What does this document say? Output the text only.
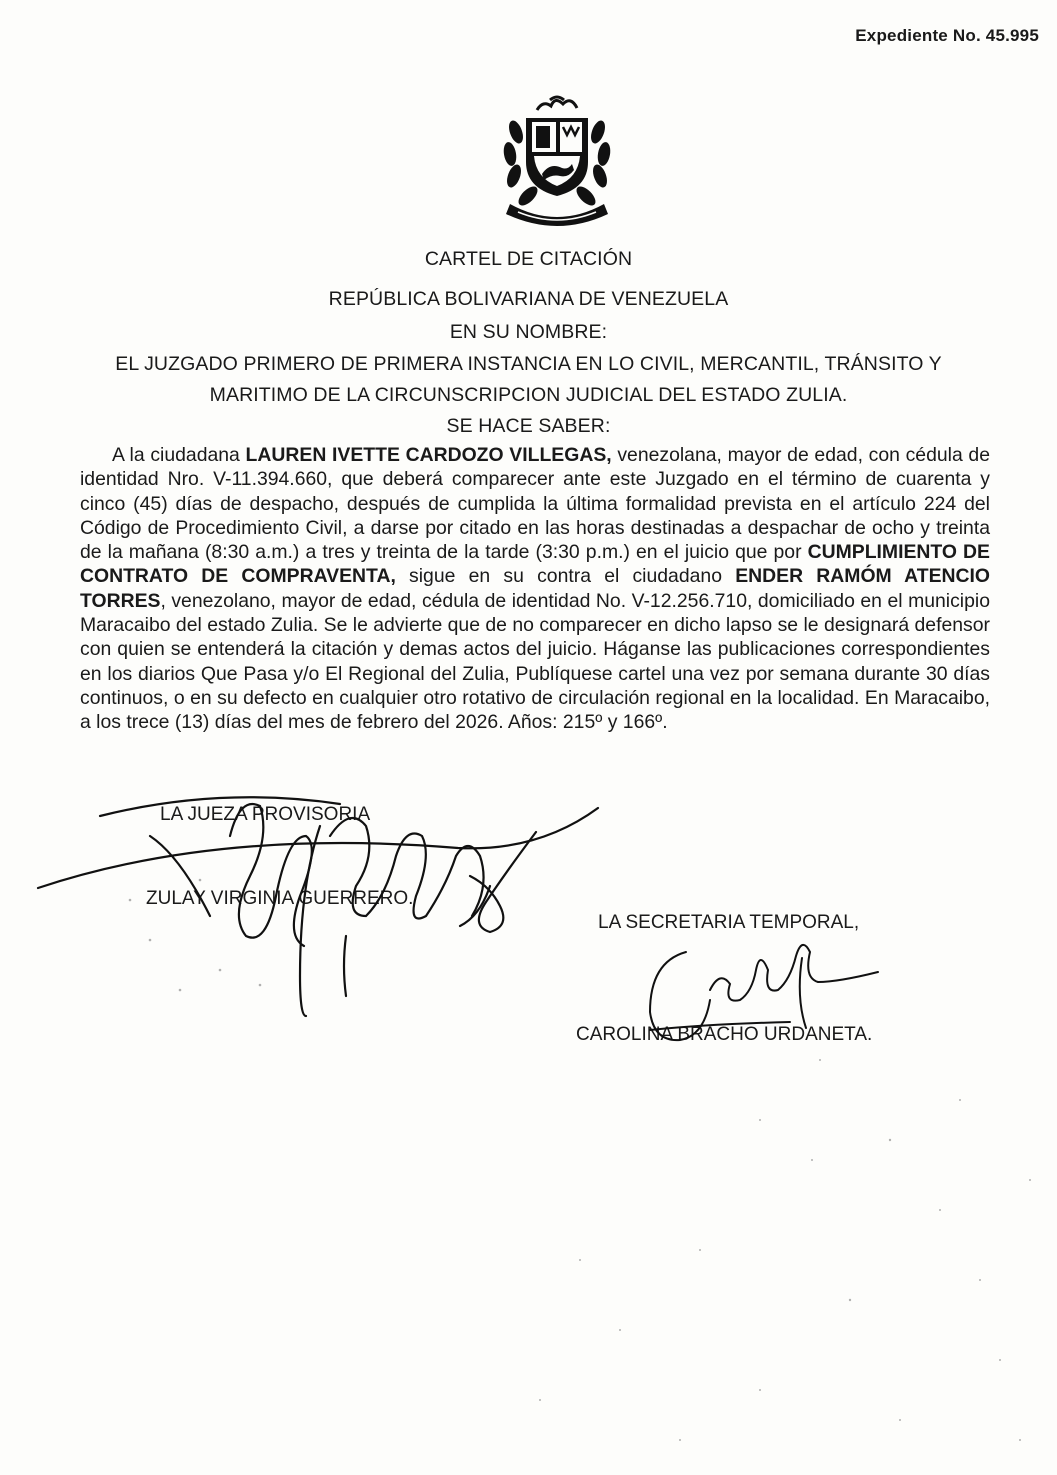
Expediente No. 45.995
CARTEL DE CITACIÓN
REPÚBLICA BOLIVARIANA DE VENEZUELA
EN SU NOMBRE:
EL JUZGADO PRIMERO DE PRIMERA INSTANCIA EN LO CIVIL, MERCANTIL, TRÁNSITO Y
MARITIMO DE LA CIRCUNSCRIPCION JUDICIAL DEL ESTADO ZULIA.
SE HACE SABER:

A la ciudadana LAUREN IVETTE CARDOZO VILLEGAS, venezolana, mayor de edad, con cédula de identidad Nro. V-11.394.660, que deberá comparecer ante este Juzgado en el término de cuarenta y cinco (45) días de despacho, después de cumplida la última formalidad prevista en el artículo 224 del Código de Procedimiento Civil, a darse por citado en las horas destinadas a despachar de ocho y treinta de la mañana (8:30 a.m.) a tres y treinta de la tarde (3:30 p.m.) en el juicio que por CUMPLIMIENTO DE CONTRATO DE COMPRAVENTA, sigue en su contra el ciudadano ENDER RAMÓM ATENCIO TORRES, venezolano, mayor de edad, cédula de identidad No. V-12.256.710, domiciliado en el municipio Maracaibo del estado Zulia. Se le advierte que de no comparecer en dicho lapso se le designará defensor con quien se entenderá la citación y demas actos del juicio. Háganse las publicaciones correspondientes en los diarios Que Pasa y/o El Regional del Zulia, Publíquese cartel una vez por semana durante 30 días continuos, o en su defecto en cualquier otro rotativo de circulación regional en la localidad. En Maracaibo, a los trece (13) días del mes de febrero del 2026. Años: 215º y 166º.

LA JUEZA PROVISORIA
ZULAY VIRGINIA GUERRERO.
LA SECRETARIA TEMPORAL,
CAROLINA BRACHO URDANETA.
